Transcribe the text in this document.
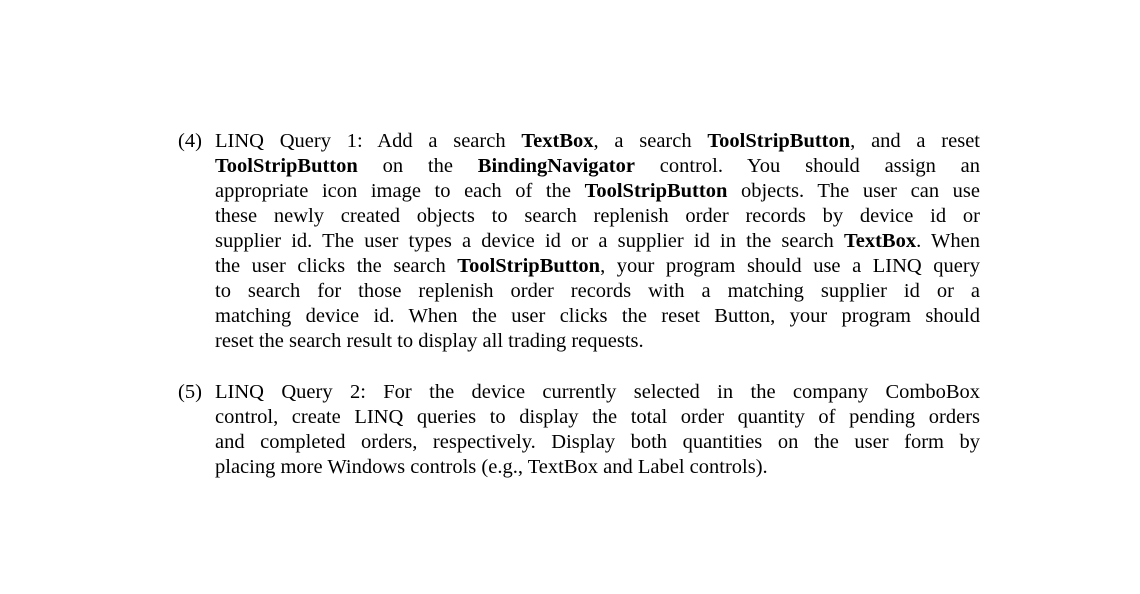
(4) LINQ Query 1: Add a search TextBox, a search ToolStripButton, and a reset
ToolStripButton on the BindingNavigator control. You should assign an
appropriate icon image to each of the ToolStripButton objects. The user can use
these newly created objects to search replenish order records by device id or
supplier id. The user types a device id or a supplier id in the search TextBox. When
the user clicks the search ToolStripButton, your program should use a LINQ query
to search for those replenish order records with a matching supplier id or a
matching device id. When the user clicks the reset Button, your program should
reset the search result to display all trading requests.
(5) LINQ Query 2: For the device currently selected in the company ComboBox
control, create LINQ queries to display the total order quantity of pending orders
and completed orders, respectively. Display both quantities on the user form by
placing more Windows controls (e.g., TextBox and Label controls).
